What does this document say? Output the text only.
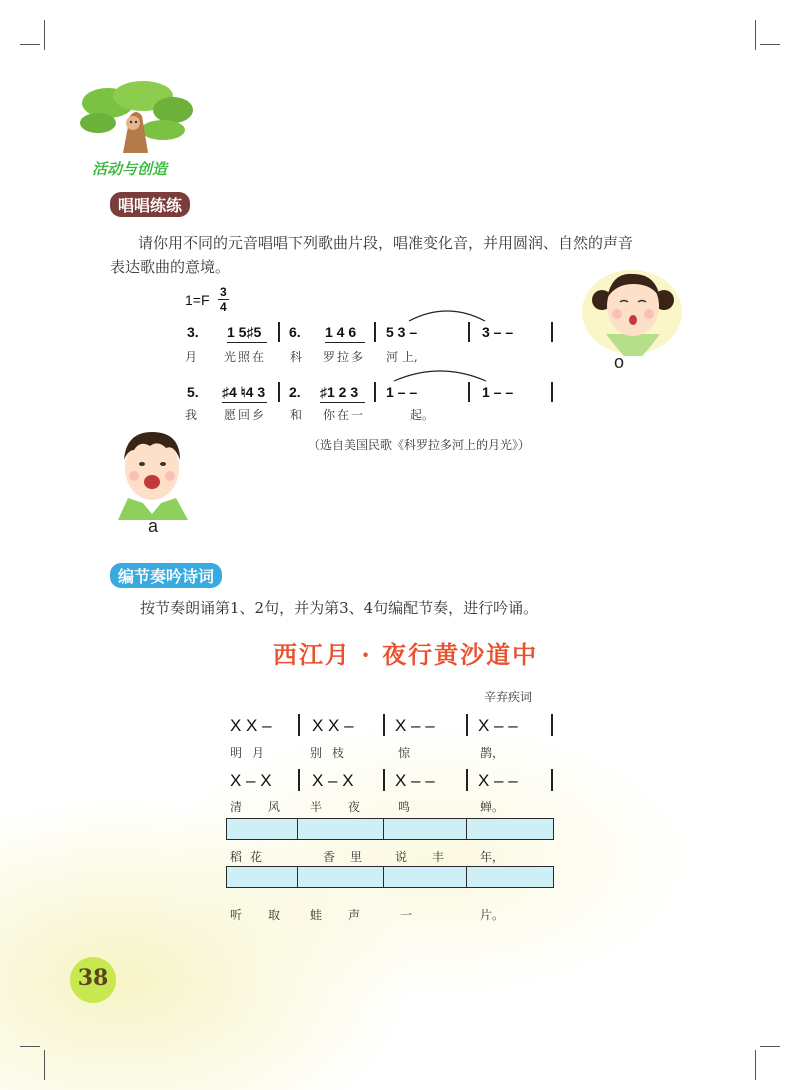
活动与创造
唱唱练练
请你用不同的元音唱唱下列歌曲片段，唱准变化音，并用圆润、自然的声音
表达歌曲的意境。
1=F 3
4
3. 1 5♯5 6. 1 4 6 5 3 –	3 – –
月 光照在 科 罗拉多 河 上,
5. ♯4 ♮4 3 2. ♯1 2 3 1 – –	1 – –
我 愿回乡 和 你在一	起。
（选自美国民歌《科罗拉多河上的月光》）
o
a
编节奏吟诗词
按节奏朗诵第1、2句，并为第3、4句编配节奏，进行吟诵。
西江月 · 夜行黄沙道中
辛弃疾词
X X – X X – X – –	X – –
明 月	别 枝	惊	鹊，
X – X X – X X – –	X – –
清 风 半 夜	鸣	蝉。
稻 花	香 里	说 丰	年，
听 取 蛙 声	一	片。
38
